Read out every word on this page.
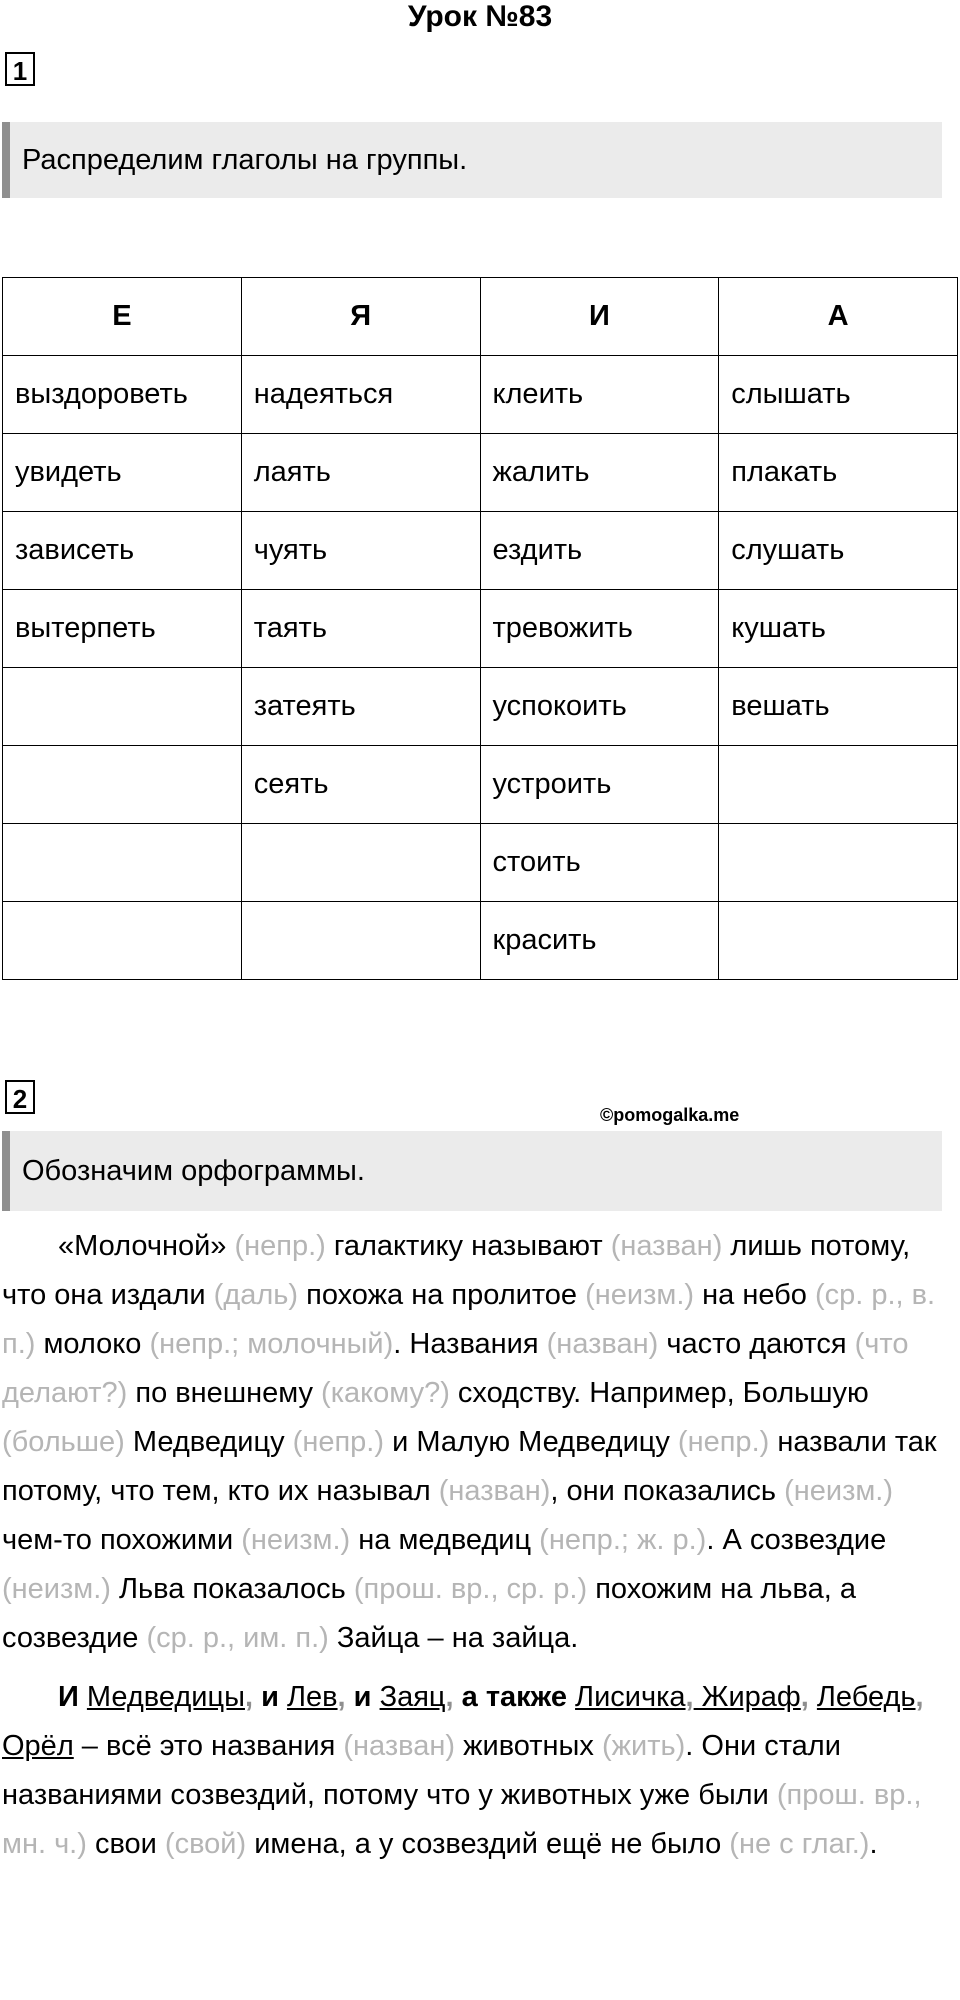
Урок №83
1
Распределим глаголы на группы.
Е	Я	И	А
выздороветь	надеяться	клеить	слышать
увидеть	лаять	жалить	плакать
зависеть	чуять	ездить	слушать
вытерпеть	таять	тревожить	кушать
	затеять	успокоить	вешать
	сеять	устроить	
		стоить	
		красить	
2
©pomogalka.me
Обозначим орфограммы.

«Молочной» (непр.) галактику называют (назван) лишь потому, что она издали (даль) похожа на пролитое (неизм.) на небо (ср. р., в. п.) молоко (непр.; молочный). Названия (назван) часто даются (что делают?) по внешнему (какому?) сходству. Например, Большую (больше) Медведицу (непр.) и Малую Медведицу (непр.) назвали так потому, что тем, кто их называл (назван), они показались (неизм.) чем-то похожими (неизм.) на медведиц (непр.; ж. р.). А созвездие (неизм.) Льва показалось (прош. вр., ср. р.) похожим на льва, а созвездие (ср. р., им. п.) Зайца – на зайца.

И Медведицы, и Лев, и Заяц, а также Лисичка, Жираф, Лебедь, Орёл – всё это названия (назван) животных (жить). Они стали названиями созвездий, потому что у животных уже были (прош. вр., мн. ч.) свои (свой) имена, а у созвездий ещё не было (не с глаг.).
